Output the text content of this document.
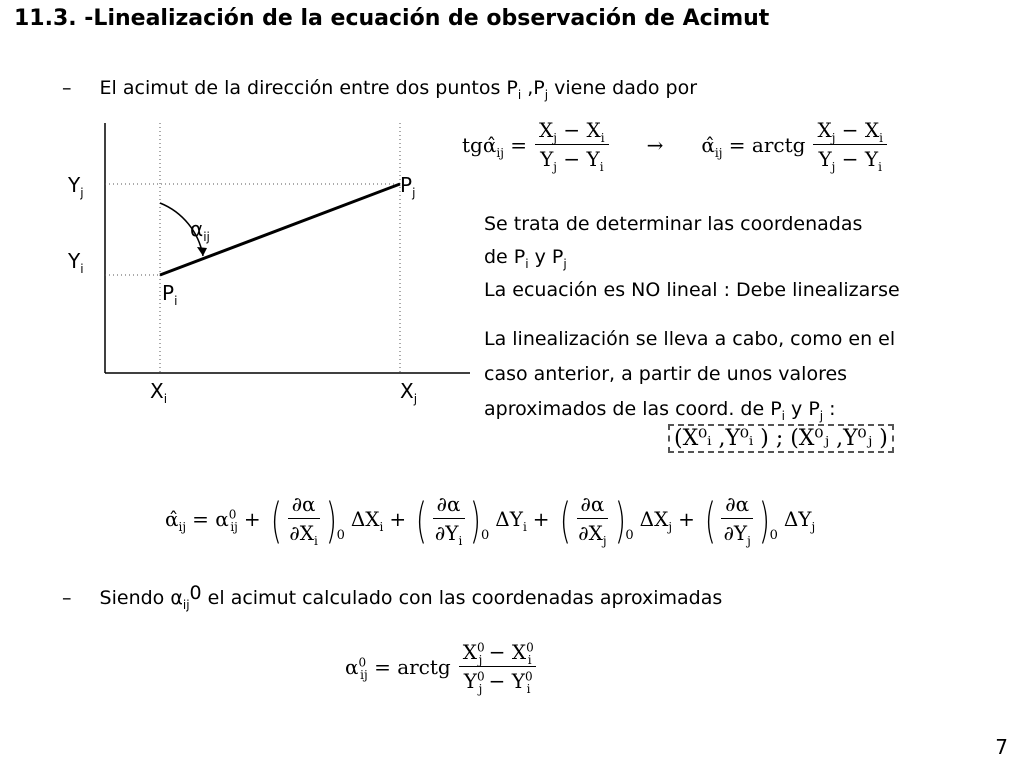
11.3. -Linealización de la ecuación de observación de Acimut
– El acimut de la dirección entre dos puntos $P_i$ $,P_j$ viene dado por
$Y_j$
$Y_i$
$X_i$	$X_j$
$P_j$
$P_i$
$\alpha_{ij}$
$tg\alphâ_{ij} = \frac{X_j - X_i}{Y_j - Y_i}$ → $\alphâ_{ij}$ = arctg $\frac{X_j - X_i}{Y_j - Y_i}$
Se trata de determinar las coordenadas
de $P_i$ y $P_j$
La ecuación es NO lineal : Debe linealizarse
La linealización se lleva a cabo, como en el
caso anterior, a partir de unos valores
aproximados de las coord. de $P_i$ y $P_j$ :
(X⁰ᵢ ,Y⁰ᵢ ) ; (X⁰ⱼ ,Y⁰ⱼ )
$\alphâ_{ij} = \alpha^0_{ij}$ + ( $\frac{\partial\alpha}{\partial X_i}$ ) 0
$\Delta X_i$ + ( $\frac{\partial\alpha}{\partial Y_i}$ ) 0
$\Delta Y_i$ + ( $\frac{\partial\alpha}{\partial X_j}$ ) 0
$\Delta X_j$ + ( $\frac{\partial\alpha}{\partial Y_j}$ ) 0
$\Delta Y_j$
– Siendo $\alpha_{ij}0$ el acimut calculado con las coordenadas aproximadas
$\alpha^0_{ij}$ = arctg $\frac{X^0_j - X^0_i}{Y^0_j - Y^0_i}$
7
